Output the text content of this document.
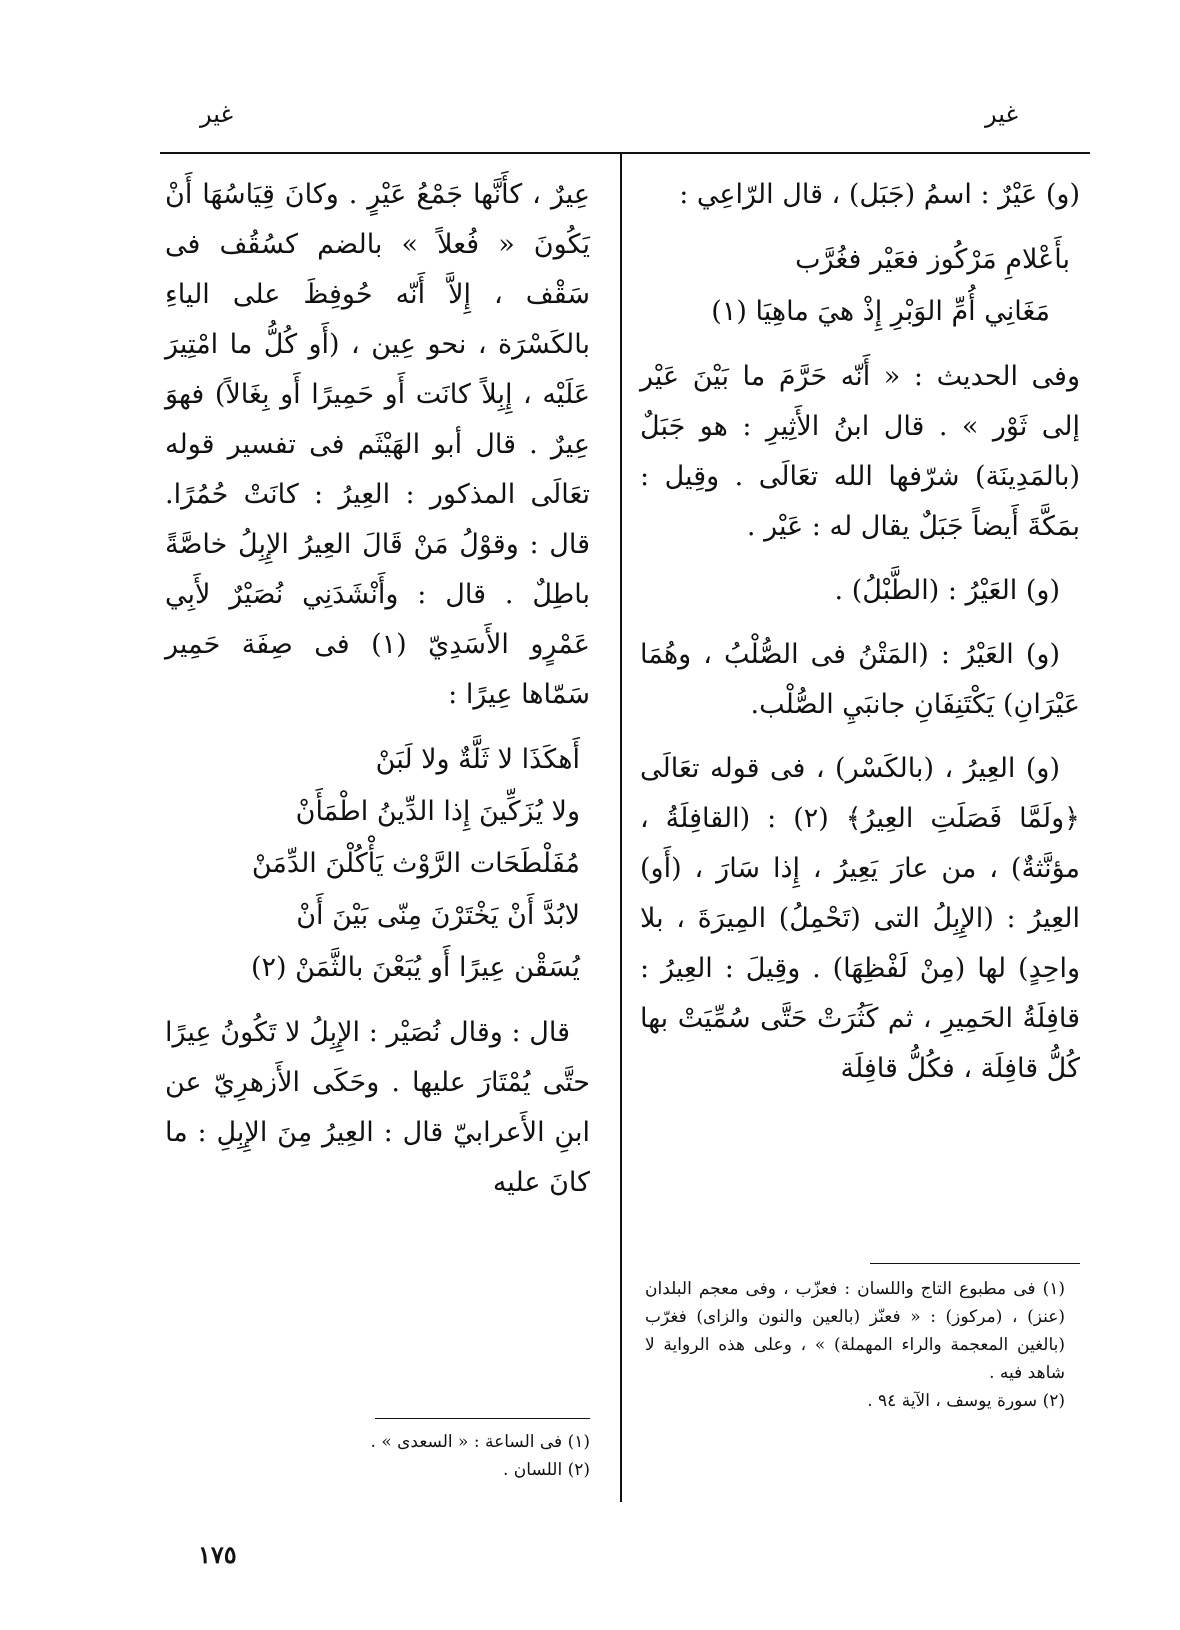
غير
غير

(و) عَيْرٌ : اسمُ (جَبَل) ، قال الرّاعِي :

بأَعْلامِ مَرْكُوز فعَيْر فغُرَّب
مَغَانِي أُمِّ الوَبْرِ إِذْ هيَ ماهِيَا (١)

وفى الحديث : « أَنّه حَرَّمَ ما بَيْنَ عَيْر إلى ثَوْر » . قال ابنُ الأَثِيرِ : هو جَبَلٌ (بالمَدِينَة) شرّفها الله تعَالَى . وقِيل : بمَكَّةَ أَيضاً جَبَلٌ يقال له : عَيْر .

(و) العَيْرُ : (الطَّبْلُ) .

(و) العَيْرُ : (المَتْنُ فى الصُّلْبُ ، وهُمَا عَيْرَانِ) يَكْتَنِفَانِ جانبَيِ الصُّلْب.

(و) العِيرُ ، (بالكَسْر) ، فى قوله تعَالَى ﴿ولَمَّا فَصَلَتِ العِيرُ﴾ (٢) : (القافِلَةُ ، مؤنَّثةٌ) ، من عارَ يَعِيرُ ، إِذا سَارَ ، (أَو) العِيرُ : (الإِبِلُ التى (تَحْمِلُ) المِيرَةَ ، بلا واحِدٍ) لها (مِنْ لَفْظِهَا) . وقِيلَ : العِيرُ : قافِلَةُ الحَمِيرِ ، ثم كَثُرَتْ حَتَّى سُمِّيَتْ بها كُلُّ قافِلَة ، فكُلُّ قافِلَة

(١) فى مطبوع التاج واللسان : فعزّب ، وفى معجم البلدان (عنز) ، (مركوز) : « فعنّز (بالعين والنون والزاى) فغرّب (بالغين المعجمة والراء المهملة) » ، وعلى هذه الرواية لا شاهد فيه .
(٢) سورة يوسف ، الآية ٩٤ .

عِيرٌ ، كأَنَّها جَمْعُ عَيْرٍ . وكانَ قِيَاسُهَا أَنْ يَكُونَ « فُعلاً » بالضم كسُقُف فى سَقْف ، إِلاَّ أَنّه حُوفِظَ على الياءِ بالكَسْرَة ، نحو عِين ، (أَو كُلُّ ما امْتِيرَ عَلَيْه ، إِبِلاً كانَت أَو حَمِيرًا أَو بِغَالاً) فهوَ عِيرٌ . قال أبو الهَيْثَم فى تفسير قوله تعَالَى المذكور : العِيرُ : كانَتْ حُمُرًا. قال : وقوْلُ مَنْ قَالَ العِيرُ الإِبِلُ خاصَّةً باطِلٌ . قال : وأَنْشَدَنِي نُصَيْرٌ لأَبِي عَمْرٍو الأَسَدِيّ (١) فى صِفَة حَمِير سَمّاها عِيرًا :

أَهكَذَا لا ثَلَّةٌ ولا لَبَنْ
ولا يُزَكِّينَ إِذا الدِّينُ اطْمَأَنْ
مُفَلْطَحَات الرَّوْث يَأْكُلْنَ الدِّمَنْ
لابُدَّ أَنْ يَخْتَرْنَ مِنّى بَيْنَ أَنْ
يُسَقْن عِيرًا أَو يُبَعْنَ بالثَّمَنْ (٢)

قال : وقال نُصَيْر : الإِبِلُ لا تَكُونُ عِيرًا حتَّى يُمْتَارَ عليها . وحَكَى الأَزهرِيّ عن ابنِ الأَعرابيّ قال : العِيرُ مِنَ الإِبِلِ : ما كانَ عليه

(١) فى الساعة : « السعدى » .
(٢) اللسان .
١٧٥
